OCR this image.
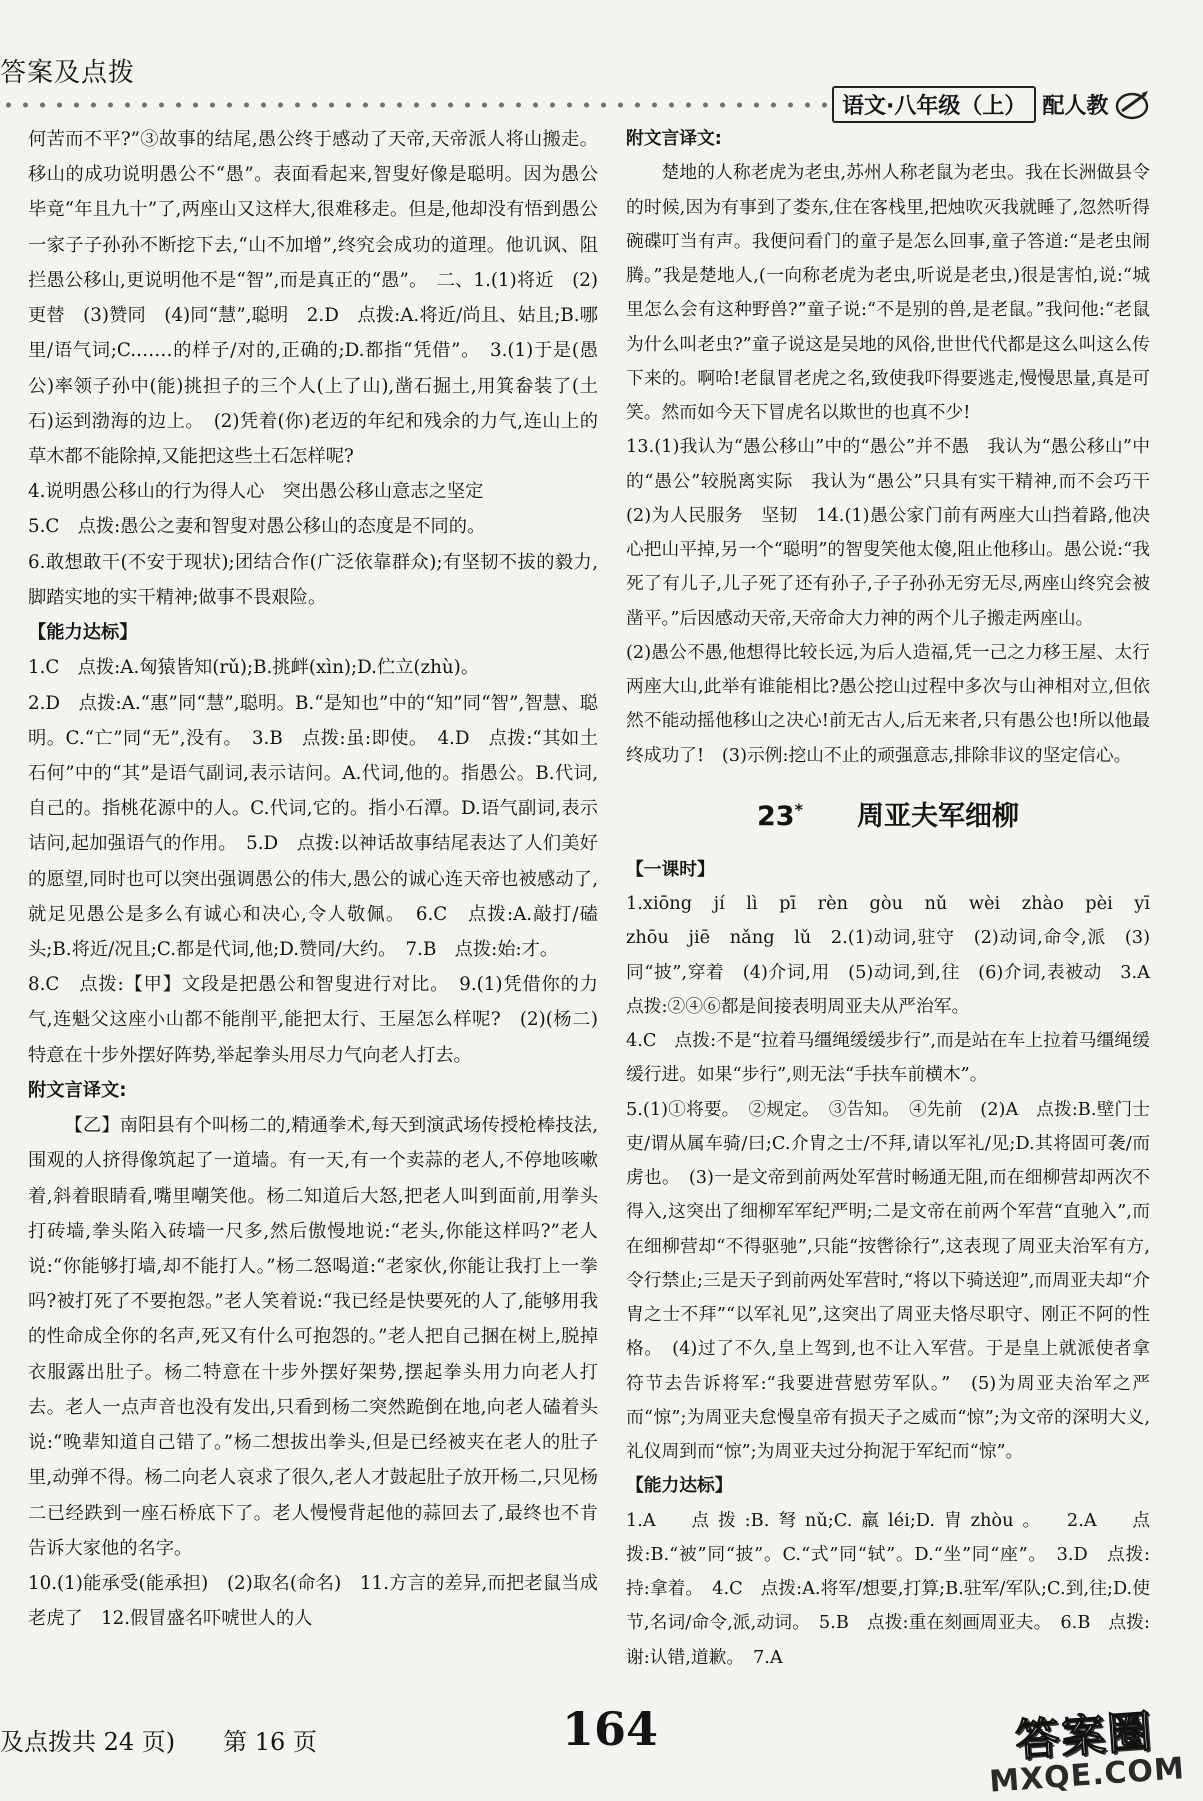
答案及点拨
语文·八年级（上） 配人教

何苦而不平?”③故事的结尾,愚公终于感动了天帝,天帝派人将山搬走。移山的成功说明愚公不“愚”。表面看起来,智叟好像是聪明。因为愚公毕竟“年且九十”了,两座山又这样大,很难移走。但是,他却没有悟到愚公一家子子孙孙不断挖下去,“山不加增”,终究会成功的道理。他讥讽、阻拦愚公移山,更说明他不是“智”,而是真正的“愚”。　二、1.(1)将近　(2)更替　(3)赞同　(4)同“慧”,聪明　2.D　点拨:A.将近/尚且、姑且;B.哪里/语气词;C.……的样子/对的,正确的;D.都指“凭借”。　3.(1)于是(愚公)率领子孙中(能)挑担子的三个人(上了山),凿石掘土,用箕畚装了(土石)运到渤海的边上。　(2)凭着(你)老迈的年纪和残余的力气,连山上的草木都不能除掉,又能把这些土石怎样呢?

4.说明愚公移山的行为得人心　突出愚公移山意志之坚定

5.C　点拨:愚公之妻和智叟对愚公移山的态度是不同的。

6.敢想敢干(不安于现状);团结合作(广泛依靠群众);有坚韧不拔的毅力,脚踏实地的实干精神;做事不畏艰险。

【能力达标】

1.C　点拨:A.匈猿皆知(rǔ);B.挑衅(xìn);D.伫立(zhù)。

2.D　点拨:A.“惠”同“慧”,聪明。B.“是知也”中的“知”同“智”,智慧、聪明。C.“亡”同“无”,没有。　3.B　点拨:虽:即使。　4.D　点拨:“其如土石何”中的“其”是语气副词,表示诘问。A.代词,他的。指愚公。B.代词,自己的。指桃花源中的人。C.代词,它的。指小石潭。D.语气副词,表示诘问,起加强语气的作用。　5.D　点拨:以神话故事结尾表达了人们美好的愿望,同时也可以突出强调愚公的伟大,愚公的诚心连天帝也被感动了,就足见愚公是多么有诚心和决心,令人敬佩。　6.C　点拨:A.敲打/磕头;B.将近/况且;C.都是代词,他;D.赞同/大约。　7.B　点拨:始:才。

8.C　点拨:【甲】文段是把愚公和智叟进行对比。　9.(1)凭借你的力气,连魁父这座小山都不能削平,能把太行、王屋怎么样呢?　(2)(杨二)特意在十步外摆好阵势,举起拳头用尽力气向老人打去。

附文言译文:

【乙】南阳县有个叫杨二的,精通拳术,每天到演武场传授枪棒技法,围观的人挤得像筑起了一道墙。有一天,有一个卖蒜的老人,不停地咳嗽着,斜着眼睛看,嘴里嘲笑他。杨二知道后大怒,把老人叫到面前,用拳头打砖墙,拳头陷入砖墙一尺多,然后傲慢地说:“老头,你能这样吗?”老人说:“你能够打墙,却不能打人。”杨二怒喝道:“老家伙,你能让我打上一拳吗?被打死了不要抱怨。”老人笑着说:“我已经是快要死的人了,能够用我的性命成全你的名声,死又有什么可抱怨的。”老人把自己捆在树上,脱掉衣服露出肚子。杨二特意在十步外摆好架势,摆起拳头用力向老人打去。老人一点声音也没有发出,只看到杨二突然跪倒在地,向老人磕着头说:“晚辈知道自己错了。”杨二想拔出拳头,但是已经被夹在老人的肚子里,动弹不得。杨二向老人哀求了很久,老人才鼓起肚子放开杨二,只见杨二已经跌到一座石桥底下了。老人慢慢背起他的蒜回去了,最终也不肯告诉大家他的名字。

10.(1)能承受(能承担)　(2)取名(命名)　11.方言的差异,而把老鼠当成老虎了　12.假冒盛名吓唬世人的人

附文言译文:

楚地的人称老虎为老虫,苏州人称老鼠为老虫。我在长洲做县令的时候,因为有事到了娄东,住在客栈里,把烛吹灭我就睡了,忽然听得碗碟叮当有声。我便问看门的童子是怎么回事,童子答道:“是老虫闹腾。”我是楚地人,(一向称老虎为老虫,听说是老虫,)很是害怕,说:“城里怎么会有这种野兽?”童子说:“不是别的兽,是老鼠。”我问他:“老鼠为什么叫老虫?”童子说这是吴地的风俗,世世代代都是这么叫这么传下来的。啊哈!老鼠冒老虎之名,致使我吓得要逃走,慢慢思量,真是可笑。然而如今天下冒虎名以欺世的也真不少!

13.(1)我认为“愚公移山”中的“愚公”并不愚　我认为“愚公移山”中的“愚公”较脱离实际　我认为“愚公”只具有实干精神,而不会巧干　(2)为人民服务　坚韧　14.(1)愚公家门前有两座大山挡着路,他决心把山平掉,另一个“聪明”的智叟笑他太傻,阻止他移山。愚公说:“我死了有儿子,儿子死了还有孙子,子子孙孙无穷无尽,两座山终究会被凿平。”后因感动天帝,天帝命大力神的两个儿子搬走两座山。

(2)愚公不愚,他想得比较长远,为后人造福,凭一己之力移王屋、太行两座大山,此举有谁能相比?愚公挖山过程中多次与山神相对立,但依然不能动摇他移山之决心!前无古人,后无来者,只有愚公也!所以他最终成功了!　(3)示例:挖山不止的顽强意志,排除非议的坚定信心。

23*　　 周亚夫军细柳

【一课时】

1.xiōng　jí　lì　pī　rèn　gòu　nǔ　wèi　zhào　pèi　yī　zhōu　jiē　nǎng　lǔ　2.(1)动词,驻守　(2)动词,命令,派　(3)同“披”,穿着　(4)介词,用　(5)动词,到,往　(6)介词,表被动　3.A　点拨:②④⑥都是间接表明周亚夫从严治军。

4.C　点拨:不是“拉着马缰绳缓缓步行”,而是站在车上拉着马缰绳缓缓行进。如果“步行”,则无法“手扶车前横木”。

5.(1)①将要。　②规定。　③告知。　④先前　(2)A　点拨:B.壁门士吏/谓从属车骑/曰;C.介胄之士/不拜,请以军礼/见;D.其将固可袭/而虏也。　(3)一是文帝到前两处军营时畅通无阻,而在细柳营却两次不得入,这突出了细柳军军纪严明;二是文帝在前两个军营“直驰入”,而在细柳营却“不得驱驰”,只能“按辔徐行”,这表现了周亚夫治军有方,令行禁止;三是天子到前两处军营时,“将以下骑送迎”,而周亚夫却“介胄之士不拜”“以军礼见”,这突出了周亚夫恪尽职守、刚正不阿的性格。　(4)过了不久,皇上驾到,也不让入军营。于是皇上就派使者拿符节去告诉将军:“我要进营慰劳军队。”　(5)为周亚夫治军之严而“惊”;为周亚夫怠慢皇帝有损天子之威而“惊”;为文帝的深明大义,礼仪周到而“惊”;为周亚夫过分拘泥于军纪而“惊”。

【能力达标】

1.A　点拨:B.弩nǔ;C.羸léi;D.胄zhòu。　2.A　点拨:B.“被”同“披”。C.“式”同“轼”。D.“坐”同“座”。　3.D　点拨:持:拿着。　4.C　点拨:A.将军/想要,打算;B.驻军/军队;C.到,往;D.使节,名词/命令,派,动词。　5.B　点拨:重在刻画周亚夫。　6.B　点拨:谢:认错,道歉。　7.A

及点拨共 24 页)　　第 16 页	164	答案圈
MXQE.COM
